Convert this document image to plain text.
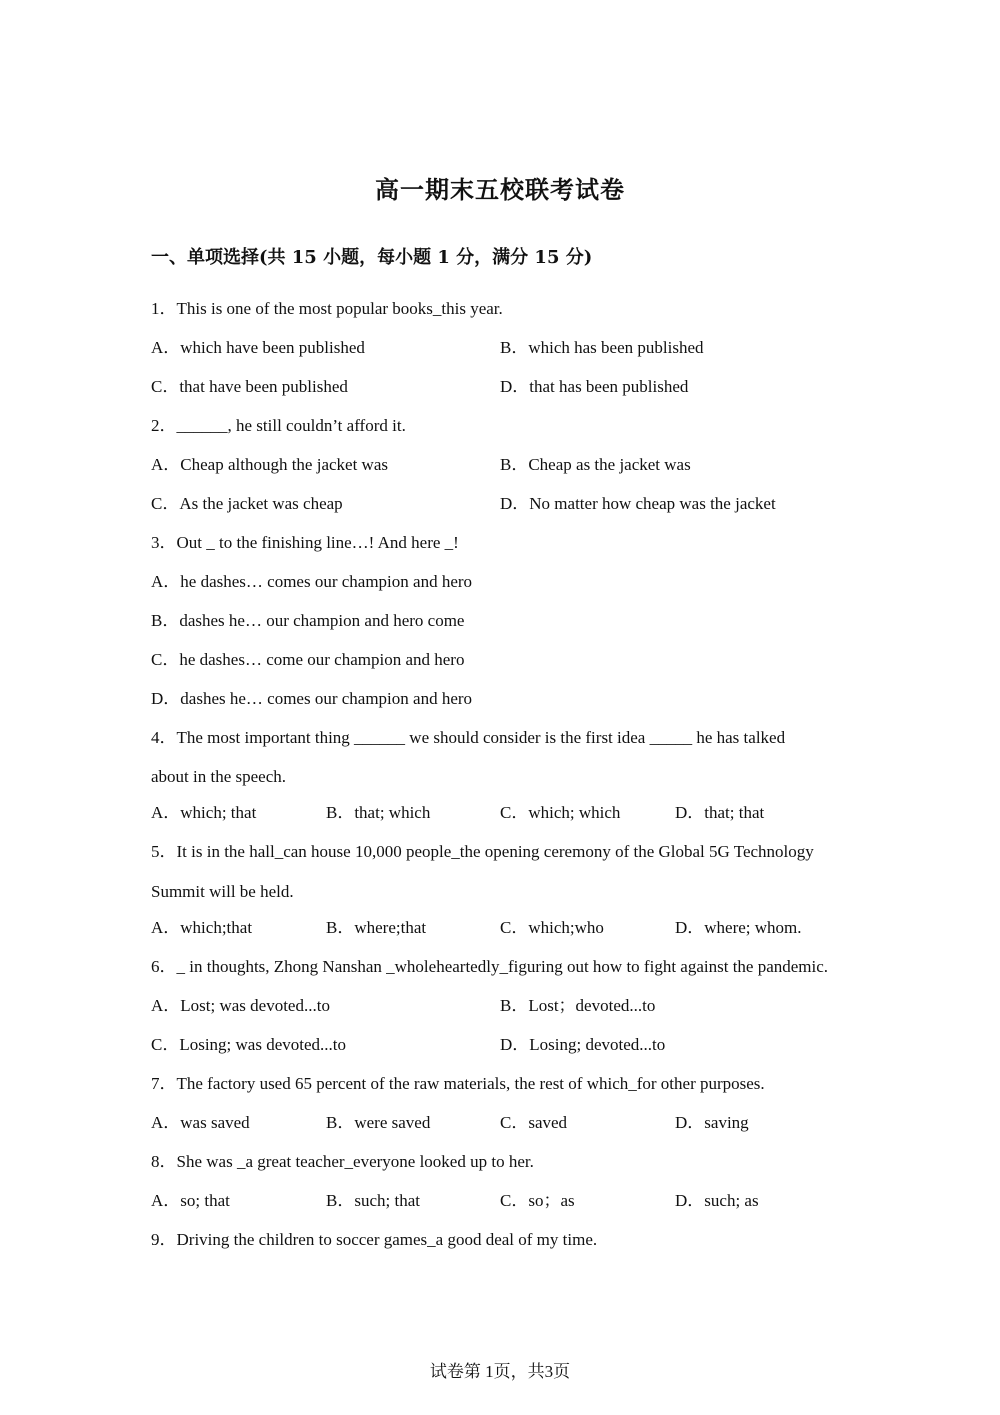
高一期末五校联考试卷
一、单项选择(共 15 小题，每小题 1 分，满分 15 分)
1．This is one of the most popular books_this year.
A．which have been published	B．which has been published
C．that have been published	D．that has been published
2．______, he still couldn’t afford it.
A．Cheap although the jacket was	B．Cheap as the jacket was
C．As the jacket was cheap	D．No matter how cheap was the jacket
3．Out _ to the finishing line…! And here _!
A．he dashes… comes our champion and hero
B．dashes he… our champion and hero come
C．he dashes… come our champion and hero
D．dashes he… comes our champion and hero
4．The most important thing ______ we should consider is the first idea _____ he has talked
about in the speech.
A．which; that	B．that; which	C．which; which	D．that; that
5．It is in the hall_can house 10,000 people_the opening ceremony of the Global 5G Technology
Summit will be held.
A．which;that	B．where;that	C．which;who	D．where; whom.
6．_ in thoughts, Zhong Nanshan _wholeheartedly_figuring out how to fight against the pandemic.
A．Lost; was devoted...to	B．Lost；devoted...to
C．Losing; was devoted...to	D．Losing; devoted...to
7．The factory used 65 percent of the raw materials, the rest of which_for other purposes.
A．was saved	B．were saved	C．saved	D．saving
8．She was _a great teacher_everyone looked up to her.
A．so; that	B．such; that	C．so；as	D．such; as
9．Driving the children to soccer games_a good deal of my time.
试卷第 1页，共3页
